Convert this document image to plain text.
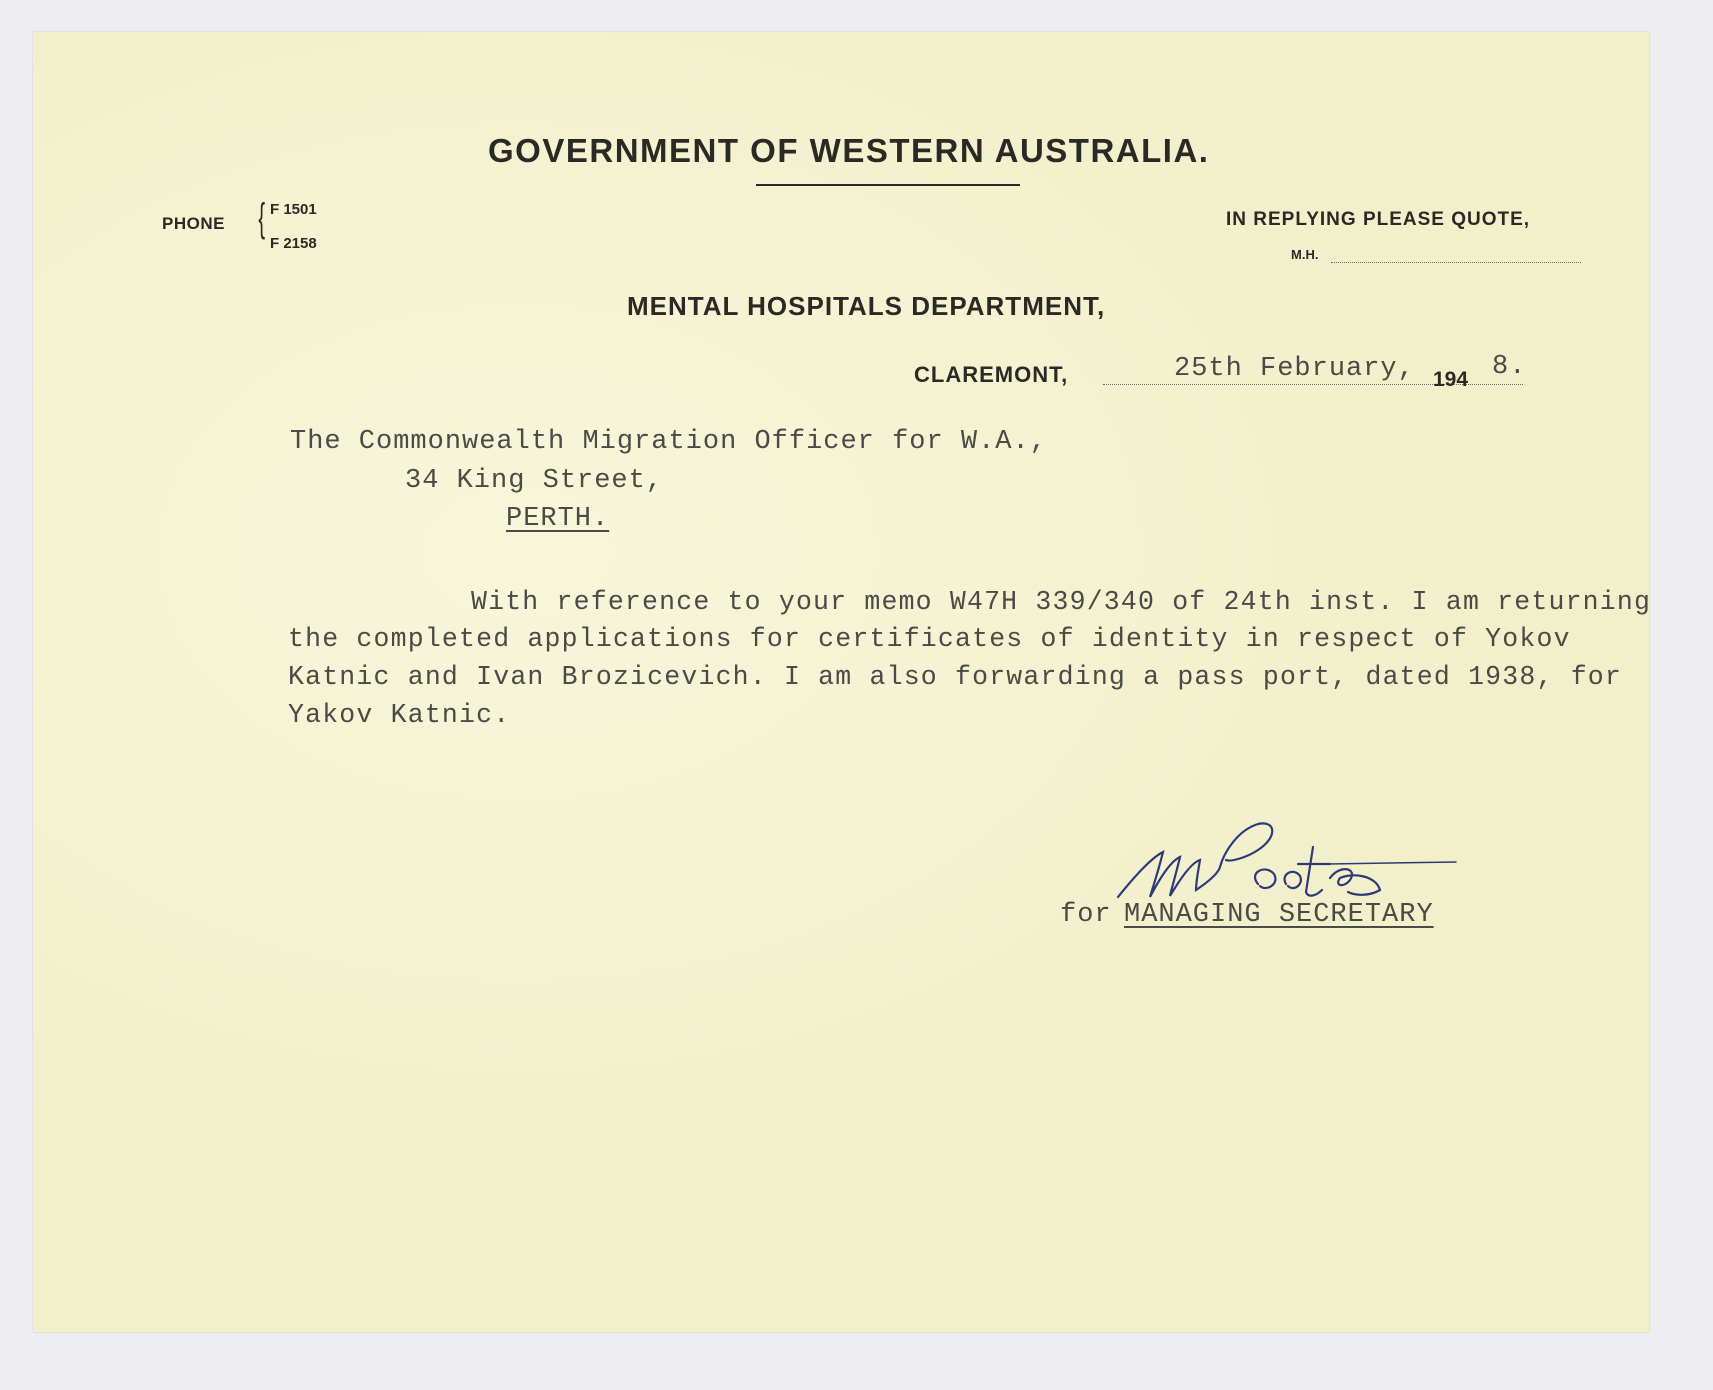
GOVERNMENT OF WESTERN AUSTRALIA.
PHONE { F 1501
F 2158
IN REPLYING PLEASE QUOTE,
M.H.
MENTAL HOSPITALS DEPARTMENT,
CLAREMONT,	25th February, 194 8.
The Commonwealth Migration Officer for W.A.,
34 King Street,
PERTH.
With reference to your memo W47H 339/340 of 24th inst. I am returning
the completed applications for certificates of identity in respect of Yokov
Katnic and Ivan Brozicevich. I am also forwarding a pass port, dated 1938, for
Yakov Katnic.
for MANAGING SECRETARY
